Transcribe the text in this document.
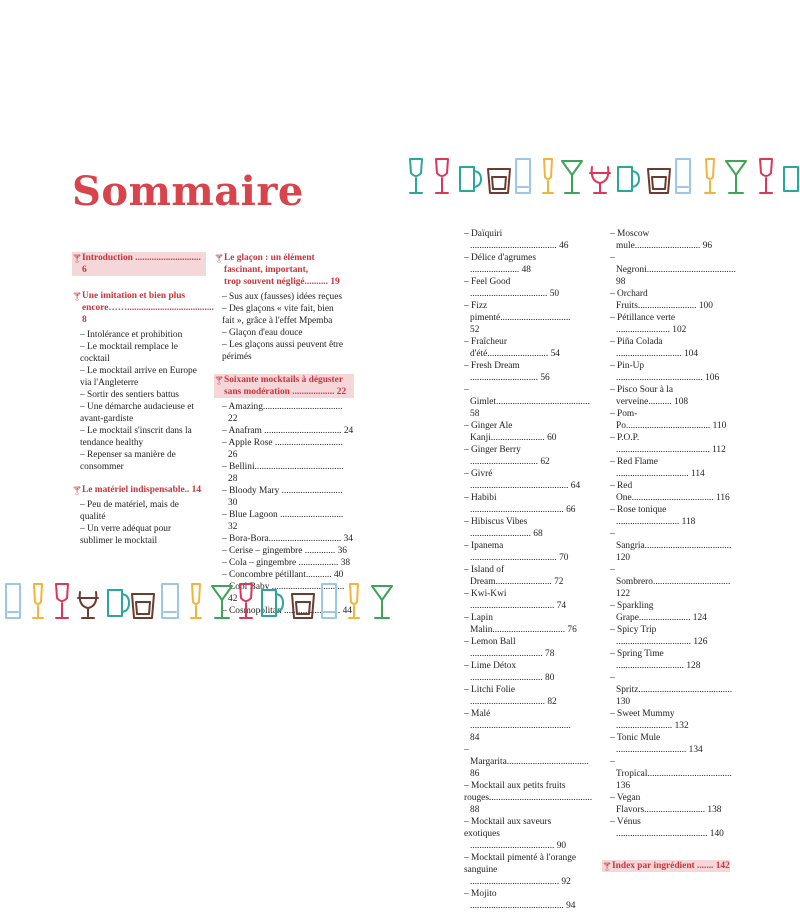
Sommaire
🍸︎ Introduction ............................ 6
🍸︎ Une imitation et bien plus
encore……..................................... 8
– Intolérance et prohibition
– Le mocktail remplace le
cocktail
– Le mocktail arrive en Europe
via l'Angleterre
– Sortir des sentiers battus
– Une démarche audacieuse et
avant-gardiste
– Le mocktail s'inscrit dans la
tendance healthy
– Repenser sa manière de
consommer
🍸︎ Le matériel indispensable.. 14
– Peu de matériel, mais de
qualité
– Un verre adéquat pour
sublimer le mocktail
🍸︎ Le glaçon : un élément
fascinant, important,
trop souvent négligé.......... 19
– Sus aux (fausses) idées reçues
– Des glaçons « vite fait, bien
fait », grâce à l'effet Mpemba
– Glaçon d'eau douce
– Les glaçons aussi peuvent être
périmés
🍸︎ Soixante mocktails à déguster
sans modération .................. 22
– Amazing.................................. 22
– Anafram ................................. 24
– Apple Rose ............................. 26
– Bellini...................................... 28
– Bloody Mary .......................... 30
– Blue Lagoon ........................... 32
– Bora-Bora............................... 34
– Cerise – gingembre ............. 36
– Cola – gingembre ................. 38
– Concombre pétillant........... 40
– Cool Baby ............................... 42
– Cosmopolitan ........................ 44
– Daïquiri ..................................... 46
– Délice d'agrumes ..................... 48
– Feel Good ................................. 50
– Fizz pimenté.............................. 52
– Fraîcheur d'été.......................... 54
– Fresh Dream ............................. 56
– Gimlet........................................ 58
– Ginger Ale Kanji....................... 60
– Ginger Berry ............................. 62
– Givré .......................................... 64
– Habibi ........................................ 66
– Hibiscus Vibes .......................... 68
– Ipanema ..................................... 70
– Island of Dream........................ 72
– Kwi-Kwi .................................... 74
– Lapin Malin............................... 76
– Lemon Ball ............................... 78
– Lime Détox ............................... 80
– Litchi Folie ................................ 82
– Malé ........................................... 84
– Margarita................................... 86
– Mocktail aux petits fruits
rouges............................................ 88
– Mocktail aux saveurs
exotiques .................................... 90
– Mocktail pimenté à l'orange
sanguine ...................................... 92
– Mojito ........................................ 94
– Moscow mule............................ 96
– Negroni...................................... 98
– Orchard Fruits......................... 100
– Pétillance verte ....................... 102
– Piña Colada ............................ 104
– Pin-Up ..................................... 106
– Pisco Sour à la verveine.......... 108
– Pom-Po.................................... 110
– P.O.P. ........................................ 112
– Red Flame ............................... 114
– Red One................................... 116
– Rose tonique ........................... 118
– Sangria..................................... 120
– Sombrero................................. 122
– Sparkling Grape...................... 124
– Spicy Trip ................................ 126
– Spring Time ............................. 128
– Spritz........................................ 130
– Sweet Mummy ........................ 132
– Tonic Mule .............................. 134
– Tropical.................................... 136
– Vegan Flavors.......................... 138
– Vénus ....................................... 140
🍸︎ Index par ingrédient ....... 142
